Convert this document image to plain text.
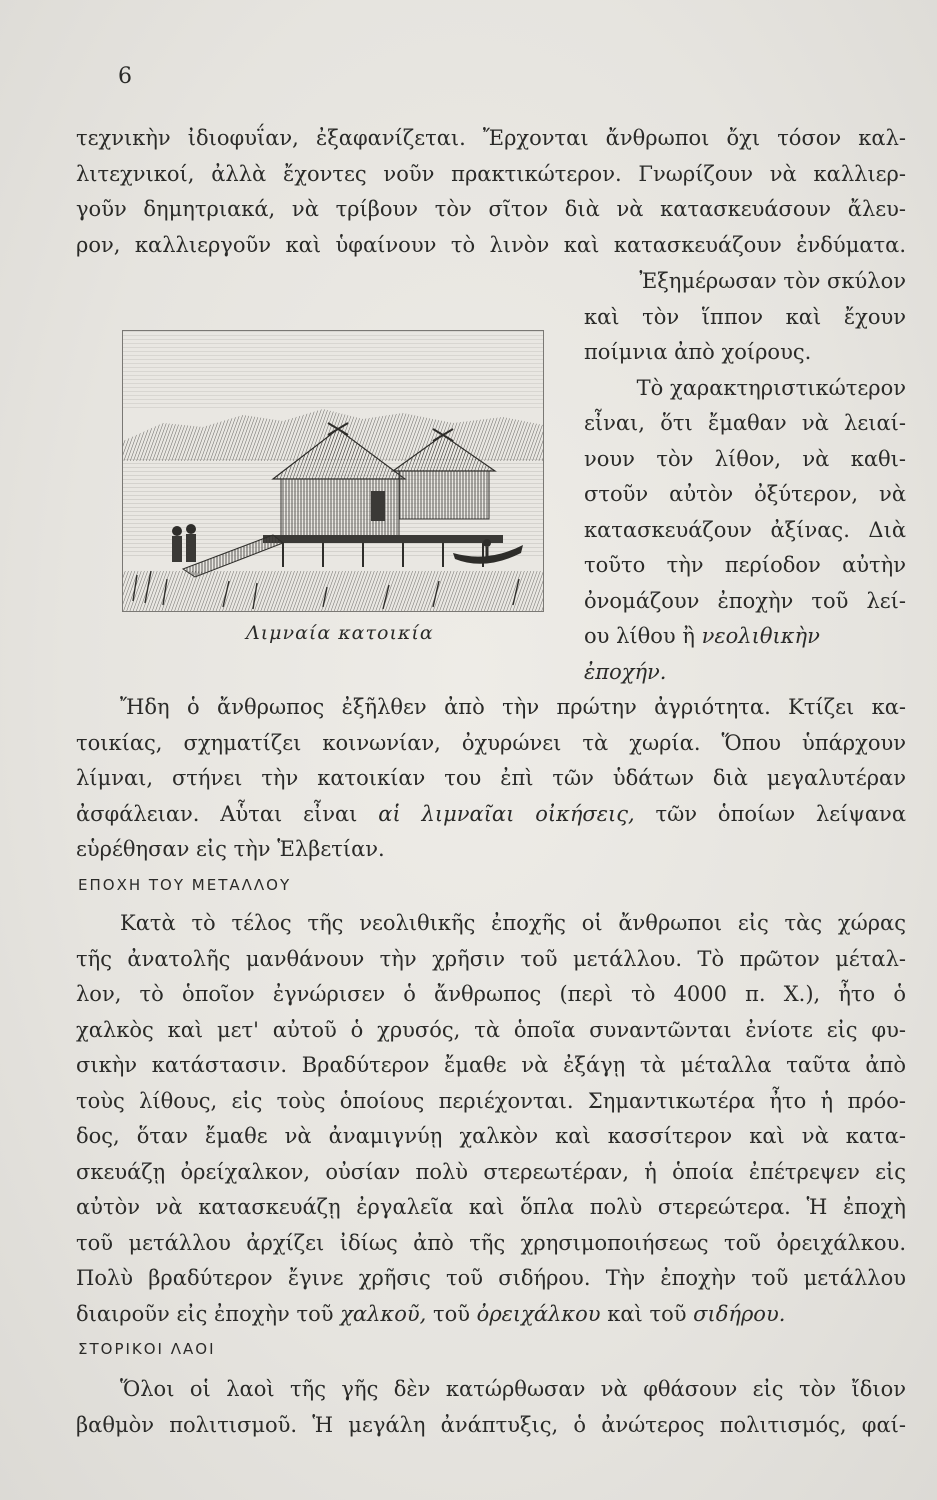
6
τεχνικὴν ἰδιοφυΐαν, ἐξαφανίζεται. Ἔρχονται ἄνθρωποι ὄχι τόσον καλ-
λιτεχνικοί, ἀλλὰ ἔχοντες νοῦν πρακτικώτερον. Γνωρίζουν νὰ καλλιερ-
γοῦν δημητριακά, νὰ τρίβουν τὸν σῖτον διὰ νὰ κατασκευάσουν ἄλευ-
ρον, καλλιεργοῦν καὶ ὑφαίνουν τὸ λινὸν καὶ κατασκευάζουν ἐνδύματα.
Ἐξημέρωσαν τὸν σκύλον
καὶ τὸν ἵππον καὶ ἔχουν
ποίμνια ἀπὸ χοίρους.
Τὸ χαρακτηριστικώτερον
εἶναι, ὅτι ἔμαθαν νὰ λειαί-
νουν τὸν λίθον, νὰ καθι-
στοῦν αὐτὸν ὀξύτερον, νὰ
κατασκευάζουν ἀξίνας. Διὰ
τοῦτο τὴν περίοδον αὐτὴν
ὀνομάζουν ἐποχὴν τοῦ λεί-
ου λίθου ἢ νεολιθικὴν
ἐποχήν.
Λιμναία κατοικία
Ἤδη ὁ ἄνθρωπος ἐξῆλθεν ἀπὸ τὴν πρώτην ἀγριότητα. Κτίζει κα-
τοικίας, σχηματίζει κοινωνίαν, ὀχυρώνει τὰ χωρία. Ὅπου ὑπάρχουν
λίμναι, στήνει τὴν κατοικίαν του ἐπὶ τῶν ὑδάτων διὰ μεγαλυτέραν
ἀσφάλειαν. Αὗται εἶναι αἱ λιμναῖαι οἰκήσεις, τῶν ὁποίων λείψανα
εὑρέθησαν εἰς τὴν Ἑλβετίαν.
ΕΠΟΧΗ ΤΟΥ ΜΕΤΑΛΛΟΥ
Κατὰ τὸ τέλος τῆς νεολιθικῆς ἐποχῆς οἱ ἄνθρωποι εἰς τὰς χώρας
τῆς ἀνατολῆς μανθάνουν τὴν χρῆσιν τοῦ μετάλλου. Τὸ πρῶτον μέταλ-
λον, τὸ ὁποῖον ἐγνώρισεν ὁ ἄνθρωπος (περὶ τὸ 4000 π. Χ.), ἦτο ὁ
χαλκὸς καὶ μετ' αὐτοῦ ὁ χρυσός, τὰ ὁποῖα συναντῶνται ἐνίοτε εἰς φυ-
σικὴν κατάστασιν. Βραδύτερον ἔμαθε νὰ ἐξάγῃ τὰ μέταλλα ταῦτα ἀπὸ
τοὺς λίθους, εἰς τοὺς ὁποίους περιέχονται. Σημαντικωτέρα ἦτο ἡ πρόο-
δος, ὅταν ἔμαθε νὰ ἀναμιγνύῃ χαλκὸν καὶ κασσίτερον καὶ νὰ κατα-
σκευάζῃ ὀρείχαλκον, οὐσίαν πολὺ στερεωτέραν, ἡ ὁποία ἐπέτρεψεν εἰς
αὐτὸν νὰ κατασκευάζῃ ἐργαλεῖα καὶ ὅπλα πολὺ στερεώτερα. Ἡ ἐποχὴ
τοῦ μετάλλου ἀρχίζει ἰδίως ἀπὸ τῆς χρησιμοποιήσεως τοῦ ὀρειχάλκου.
Πολὺ βραδύτερον ἔγινε χρῆσις τοῦ σιδήρου. Τὴν ἐποχὴν τοῦ μετάλλου
διαιροῦν εἰς ἐποχὴν τοῦ χαλκοῦ, τοῦ ὀρειχάλκου καὶ τοῦ σιδήρου.
ΣΤΟΡΙΚΟΙ ΛΑΟΙ
Ὅλοι οἱ λαοὶ τῆς γῆς δὲν κατώρθωσαν νὰ φθάσουν εἰς τὸν ἴδιον
βαθμὸν πολιτισμοῦ. Ἡ μεγάλη ἀνάπτυξις, ὁ ἀνώτερος πολιτισμός, φαί-
